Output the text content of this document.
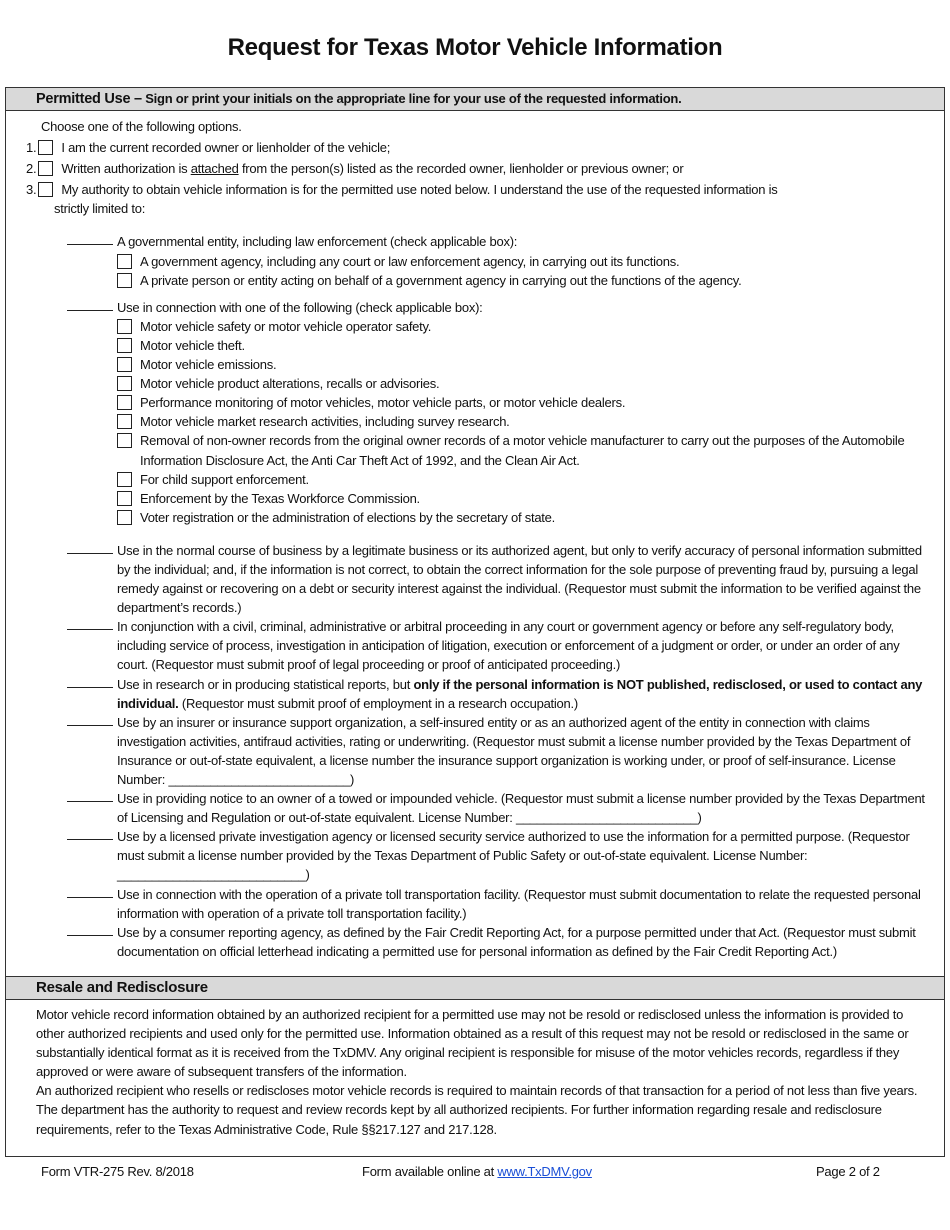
Request for Texas Motor Vehicle Information
Permitted Use – Sign or print your initials on the appropriate line for your use of the requested information.
Choose one of the following options.
1. I am the current recorded owner or lienholder of the vehicle;
2. Written authorization is attached from the person(s) listed as the recorded owner, lienholder or previous owner; or
3. My authority to obtain vehicle information is for the permitted use noted below. I understand the use of the requested information is
strictly limited to:
A governmental entity, including law enforcement (check applicable box):
A government agency, including any court or law enforcement agency, in carrying out its functions.
A private person or entity acting on behalf of a government agency in carrying out the functions of the agency.
Use in connection with one of the following (check applicable box):
Motor vehicle safety or motor vehicle operator safety.
Motor vehicle theft.
Motor vehicle emissions.
Motor vehicle product alterations, recalls or advisories.
Performance monitoring of motor vehicles, motor vehicle parts, or motor vehicle dealers.
Motor vehicle market research activities, including survey research.
Removal of non-owner records from the original owner records of a motor vehicle manufacturer to carry out the purposes of the Automobile Information Disclosure Act, the Anti Car Theft Act of 1992, and the Clean Air Act.
For child support enforcement.
Enforcement by the Texas Workforce Commission.
Voter registration or the administration of elections by the secretary of state.
Use in the normal course of business by a legitimate business or its authorized agent, but only to verify accuracy of personal information submitted by the individual; and, if the information is not correct, to obtain the correct information for the sole purpose of preventing fraud by, pursuing a legal remedy against or recovering on a debt or security interest against the individual. (Requestor must submit the information to be verified against the department’s records.)
In conjunction with a civil, criminal, administrative or arbitral proceeding in any court or government agency or before any self-regulatory body, including service of process, investigation in anticipation of litigation, execution or enforcement of a judgment or order, or under an order of any court. (Requestor must submit proof of legal proceeding or proof of anticipated proceeding.)
Use in research or in producing statistical reports, but only if the personal information is NOT published, redisclosed, or used to contact any individual. (Requestor must submit proof of employment in a research occupation.)
Use by an insurer or insurance support organization, a self-insured entity or as an authorized agent of the entity in connection with claims investigation activities, antifraud activities, rating or underwriting. (Requestor must submit a license number provided by the Texas Department of Insurance or out-of-state equivalent, a license number the insurance support organization is working under, or proof of self-insurance. License Number: __________________________)
Use in providing notice to an owner of a towed or impounded vehicle. (Requestor must submit a license number provided by the Texas Department of Licensing and Regulation or out-of-state equivalent. License Number: __________________________)
Use by a licensed private investigation agency or licensed security service authorized to use the information for a permitted purpose. (Requestor must submit a license number provided by the Texas Department of Public Safety or out-of-state equivalent. License Number: ___________________________)
Use in connection with the operation of a private toll transportation facility. (Requestor must submit documentation to relate the requested personal information with operation of a private toll transportation facility.)
Use by a consumer reporting agency, as defined by the Fair Credit Reporting Act, for a purpose permitted under that Act. (Requestor must submit documentation on official letterhead indicating a permitted use for personal information as defined by the Fair Credit Reporting Act.)
Resale and Redisclosure
Motor vehicle record information obtained by an authorized recipient for a permitted use may not be resold or redisclosed unless the information is provided to other authorized recipients and used only for the permitted use. Information obtained as a result of this request may not be resold or redisclosed in the same or substantially identical format as it is received from the TxDMV. Any original recipient is responsible for misuse of the motor vehicles records, regardless if they approved or were aware of subsequent transfers of the information.
An authorized recipient who resells or rediscloses motor vehicle records is required to maintain records of that transaction for a period of not less than five years. The department has the authority to request and review records kept by all authorized recipients. For further information regarding resale and redisclosure requirements, refer to the Texas Administrative Code, Rule §§217.127 and 217.128.
Form VTR-275 Rev. 8/2018	Form available online at www.TxDMV.gov	Page 2 of 2
